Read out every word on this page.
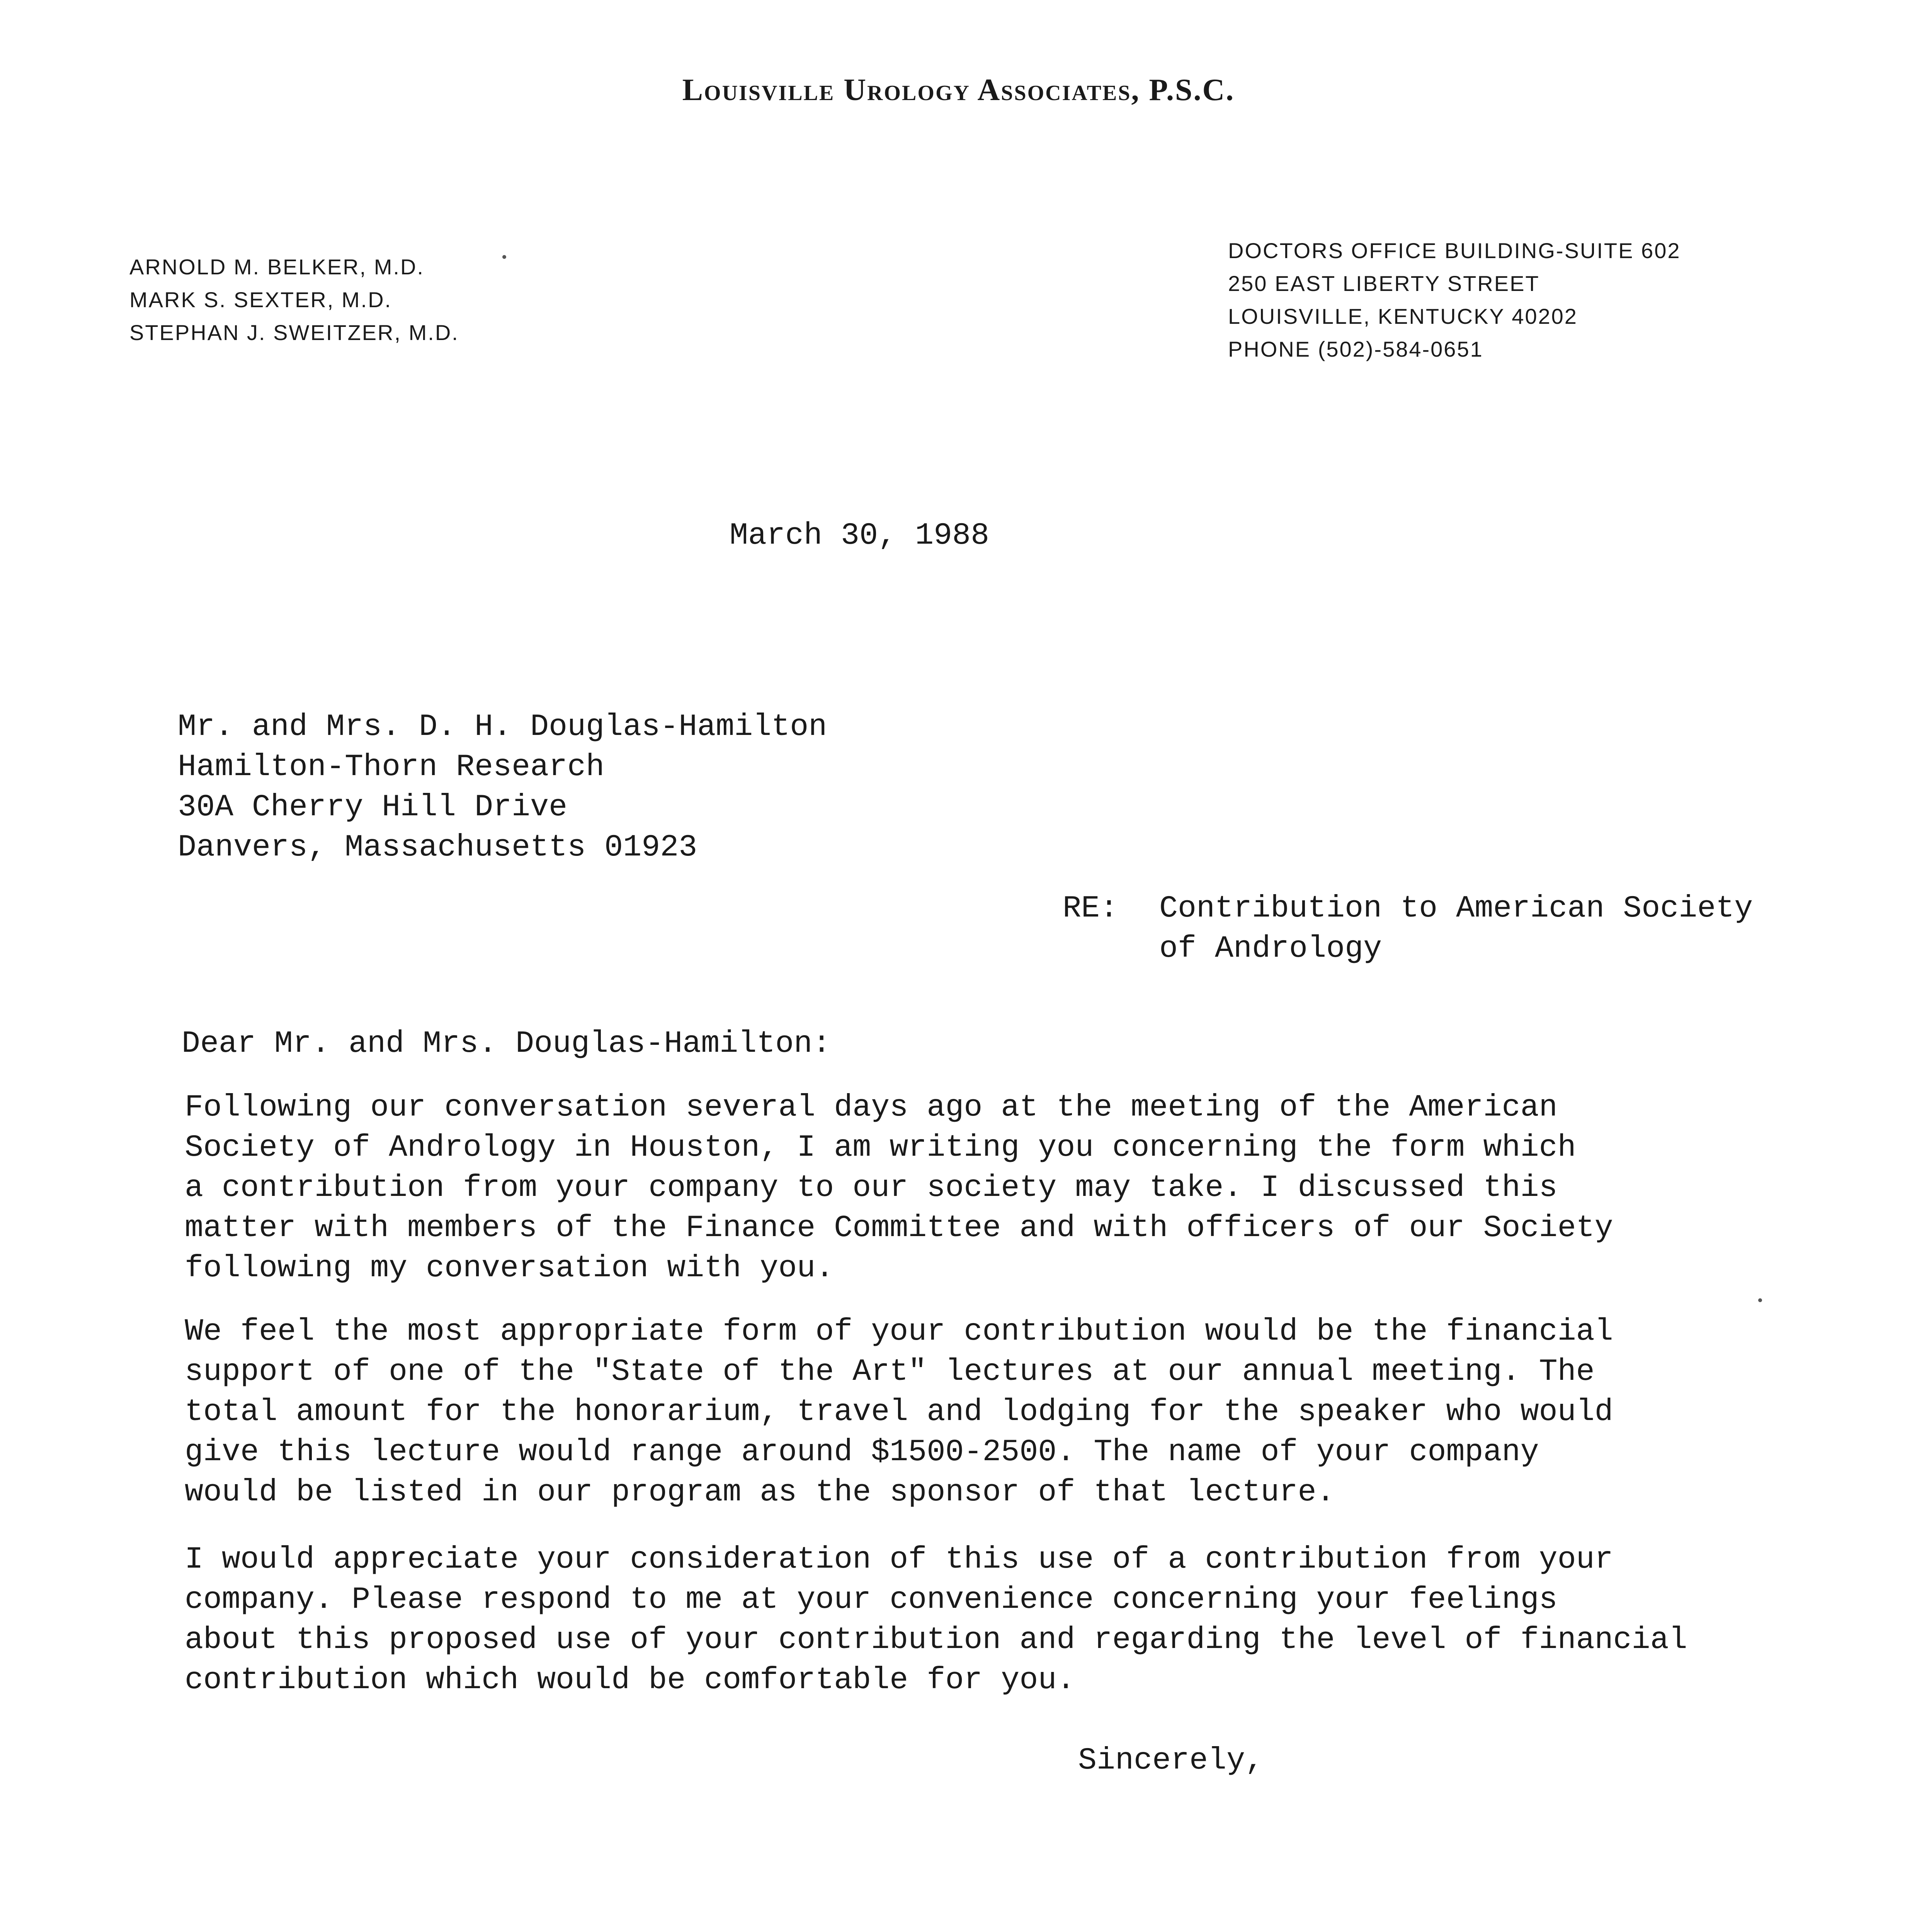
Louisville Urology Associates, P.S.C.
ARNOLD M. BELKER, M.D.
MARK S. SEXTER, M.D.
STEPHAN J. SWEITZER, M.D.
DOCTORS OFFICE BUILDING-SUITE 602
250 EAST LIBERTY STREET
LOUISVILLE, KENTUCKY 40202
PHONE (502)-584-0651
March 30, 1988
Mr. and Mrs. D. H. Douglas-Hamilton
Hamilton-Thorn Research
30A Cherry Hill Drive
Danvers, Massachusetts 01923
RE: Contribution to American Society
of Andrology
Dear Mr. and Mrs. Douglas-Hamilton:
Following our conversation several days ago at the meeting of the American
Society of Andrology in Houston, I am writing you concerning the form which
a contribution from your company to our society may take. I discussed this
matter with members of the Finance Committee and with officers of our Society
following my conversation with you.
We feel the most appropriate form of your contribution would be the financial
support of one of the "State of the Art" lectures at our annual meeting. The
total amount for the honorarium, travel and lodging for the speaker who would
give this lecture would range around $1500-2500. The name of your company
would be listed in our program as the sponsor of that lecture.
I would appreciate your consideration of this use of a contribution from your
company. Please respond to me at your convenience concerning your feelings
about this proposed use of your contribution and regarding the level of financial
contribution which would be comfortable for you.
Sincerely,
